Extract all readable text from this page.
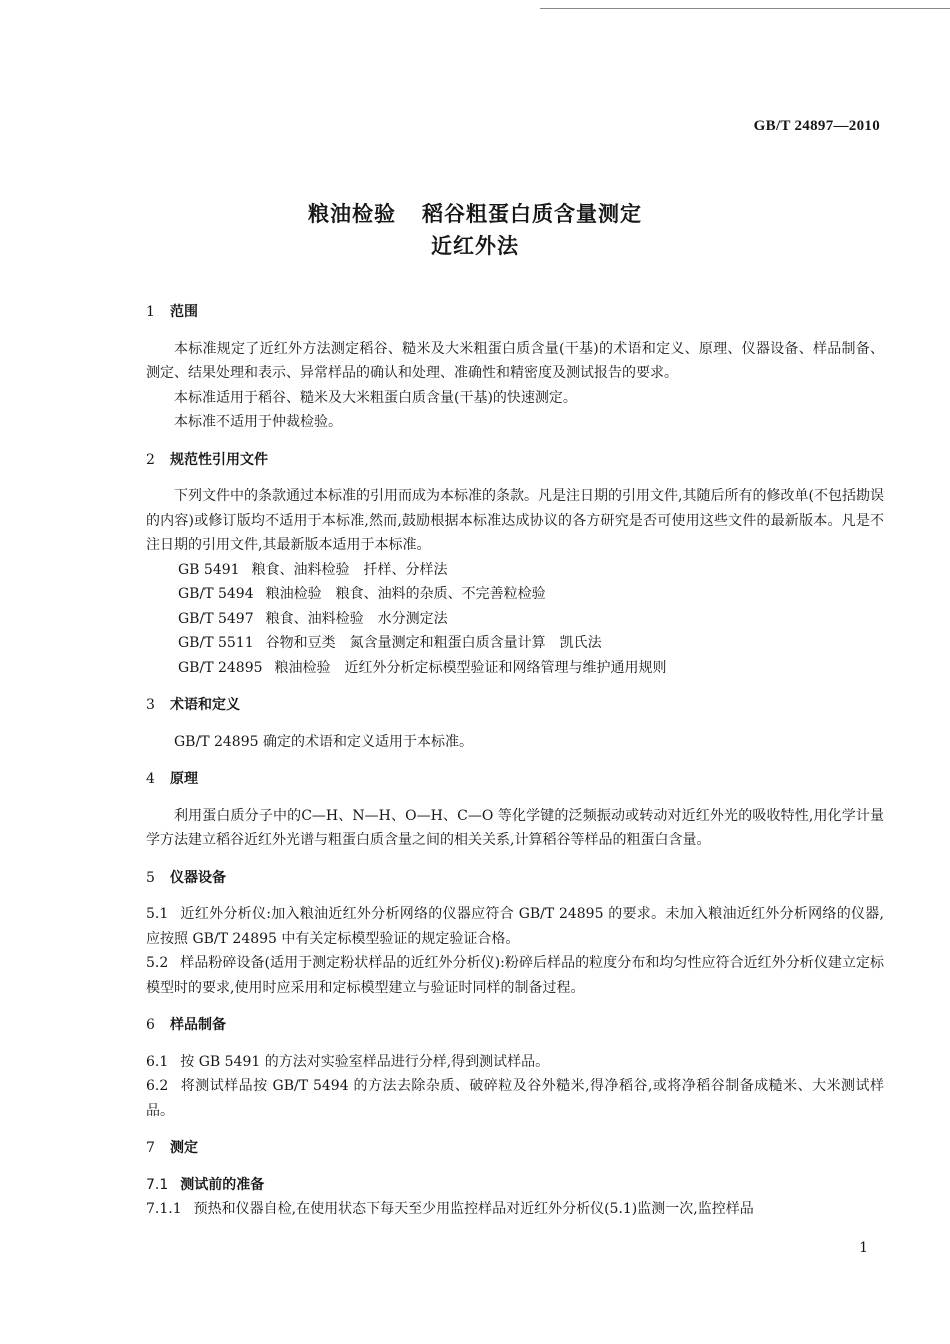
GB/T 24897—2010
粮油检验 稻谷粗蛋白质含量测定
近红外法

1 范围

本标准规定了近红外方法测定稻谷、糙米及大米粗蛋白质含量(干基)的术语和定义、原理、仪器设备、样品制备、测定、结果处理和表示、异常样品的确认和处理、准确性和精密度及测试报告的要求。

本标准适用于稻谷、糙米及大米粗蛋白质含量(干基)的快速测定。

本标准不适用于仲裁检验。

2 规范性引用文件

下列文件中的条款通过本标准的引用而成为本标准的条款。凡是注日期的引用文件,其随后所有的修改单(不包括勘误的内容)或修订版均不适用于本标准,然而,鼓励根据本标准达成协议的各方研究是否可使用这些文件的最新版本。凡是不注日期的引用文件,其最新版本适用于本标准。

GB 5491 粮食、油料检验　扦样、分样法

GB/T 5494 粮油检验　粮食、油料的杂质、不完善粒检验

GB/T 5497 粮食、油料检验　水分测定法

GB/T 5511 谷物和豆类　氮含量测定和粗蛋白质含量计算　凯氏法

GB/T 24895 粮油检验　近红外分析定标模型验证和网络管理与维护通用规则

3 术语和定义

GB/T 24895 确定的术语和定义适用于本标准。

4 原理

利用蛋白质分子中的C—H、N—H、O—H、C—O 等化学键的泛频振动或转动对近红外光的吸收特性,用化学计量学方法建立稻谷近红外光谱与粗蛋白质含量之间的相关关系,计算稻谷等样品的粗蛋白含量。

5 仪器设备

5.1 近红外分析仪:加入粮油近红外分析网络的仪器应符合 GB/T 24895 的要求。未加入粮油近红外分析网络的仪器,应按照 GB/T 24895 中有关定标模型验证的规定验证合格。

5.2 样品粉碎设备(适用于测定粉状样品的近红外分析仪):粉碎后样品的粒度分布和均匀性应符合近红外分析仪建立定标模型时的要求,使用时应采用和定标模型建立与验证时同样的制备过程。

6 样品制备

6.1 按 GB 5491 的方法对实验室样品进行分样,得到测试样品。

6.2 将测试样品按 GB/T 5494 的方法去除杂质、破碎粒及谷外糙米,得净稻谷,或将净稻谷制备成糙米、大米测试样品。

7 测定

7.1 测试前的准备

7.1.1 预热和仪器自检,在使用状态下每天至少用监控样品对近红外分析仪(5.1)监测一次,监控样品

1
